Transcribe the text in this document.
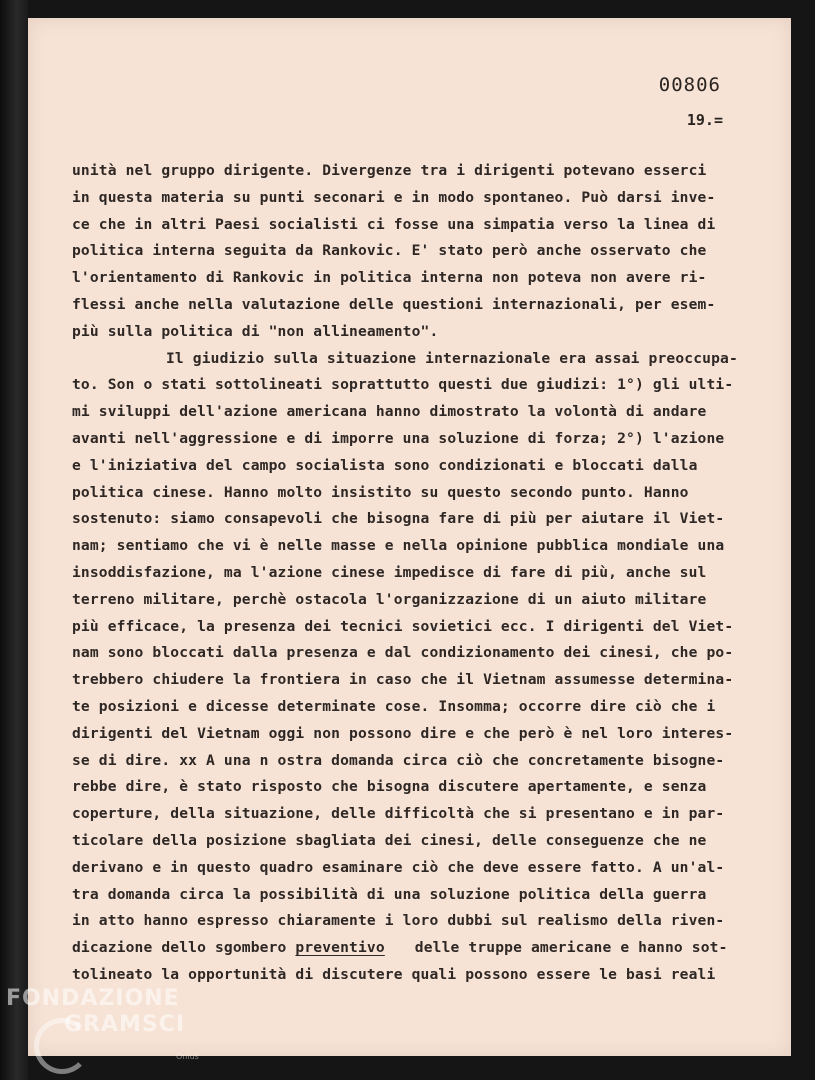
00806
19.=
unità nel gruppo dirigente. Divergenze tra i dirigenti potevano esserci
in questa materia su punti seconari e in modo spontaneo. Può darsi inve-
ce che in altri Paesi socialisti ci fosse una simpatia verso la linea di
politica interna seguita da Rankovic. E' stato però anche osservato che
l'orientamento di Rankovic in politica interna non poteva non avere ri-
flessi anche nella valutazione delle questioni internazionali, per esem-
più sulla politica di "non allineamento".
Il giudizio sulla situazione internazionale era assai preoccupa-
to. Son o stati sottolineati soprattutto questi due giudizi: 1°) gli ulti-
mi sviluppi dell'azione americana hanno dimostrato la volontà di andare
avanti nell'aggressione e di imporre una soluzione di forza; 2°) l'azione
e l'iniziativa del campo socialista sono condizionati e bloccati dalla
politica cinese. Hanno molto insistito su questo secondo punto. Hanno
sostenuto: siamo consapevoli che bisogna fare di più per aiutare il Viet-
nam; sentiamo che vi è nelle masse e nella opinione pubblica mondiale una
insoddisfazione, ma l'azione cinese impedisce di fare di più, anche sul
terreno militare, perchè ostacola l'organizzazione di un aiuto militare
più efficace, la presenza dei tecnici sovietici ecc. I dirigenti del Viet-
nam sono bloccati dalla presenza e dal condizionamento dei cinesi, che po-
trebbero chiudere la frontiera in caso che il Vietnam assumesse determina-
te posizioni e dicesse determinate cose. Insomma; occorre dire ciò che i
dirigenti del Vietnam oggi non possono dire e che però è nel loro interes-
se di dire. xx A una n ostra domanda circa ciò che concretamente bisogne-
rebbe dire, è stato risposto che bisogna discutere apertamente, e senza
coperture, della situazione, delle difficoltà che si presentano e in par-
ticolare della posizione sbagliata dei cinesi, delle conseguenze che ne
derivano e in questo quadro esaminare ciò che deve essere fatto. A un'al-
tra domanda circa la possibilità di una soluzione politica della guerra
in atto hanno espresso chiaramente i loro dubbi sul realismo della riven-
dicazione dello sgombero preventivo delle truppe americane e hanno sot-
tolineato la opportunità di discutere quali possono essere le basi reali
FONDAZIONE
GRAMSCI
Onlus
